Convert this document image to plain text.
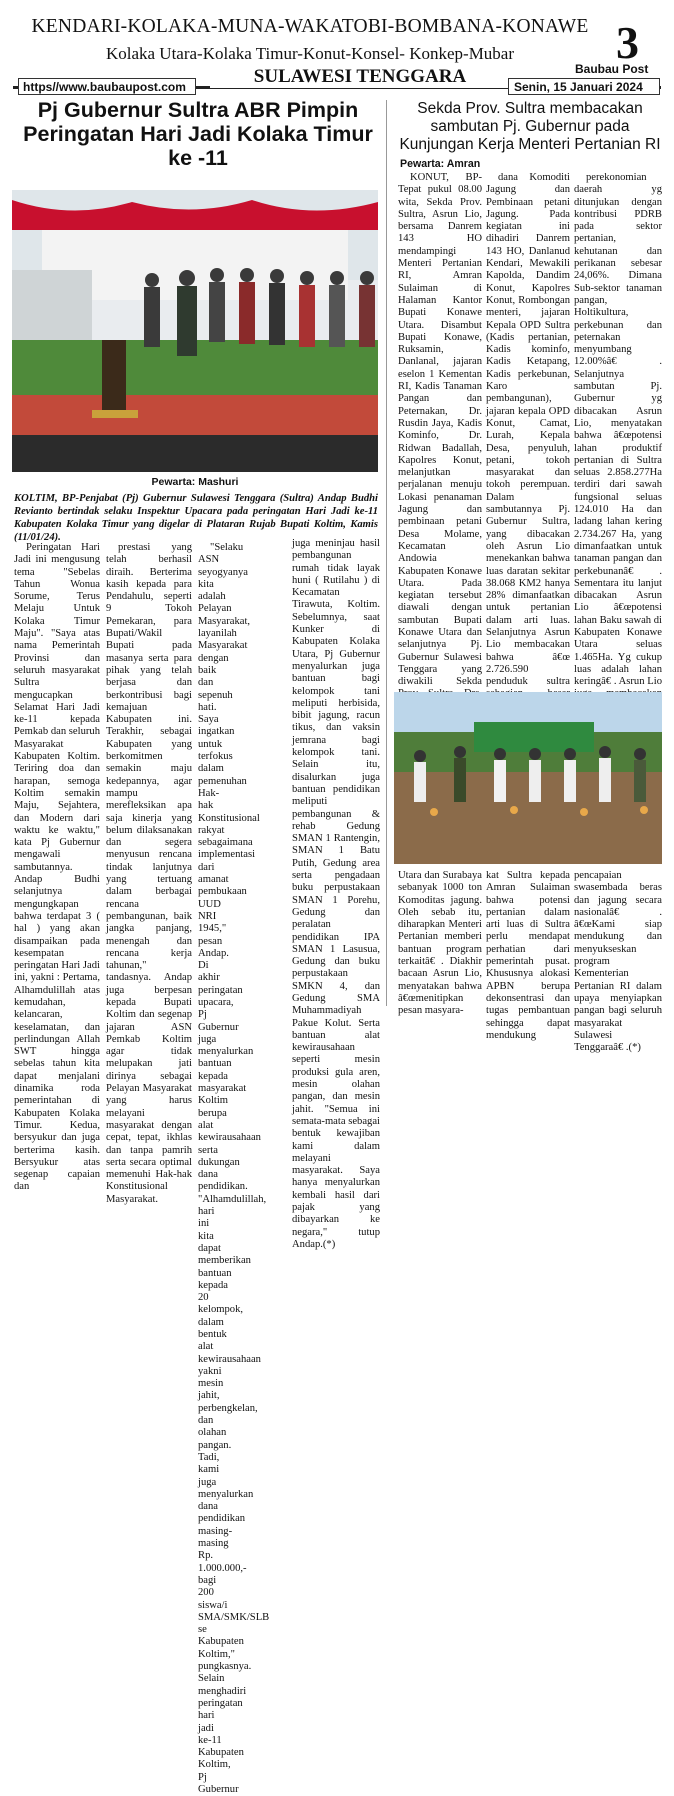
KENDARI-KOLAKA-MUNA-WAKATOBI-BOMBANA-KONAWE
Kolaka Utara-Kolaka Timur-Konut-Konsel- Konkep-Mubar	3
Baubau Post
SULAWESI TENGGARA
https//www.baubaupost.com	Senin, 15 Januari 2024
Pj Gubernur Sultra ABR Pimpin Peringatan Hari Jadi Kolaka Timur ke -11
Pewarta: Mashuri
KOLTIM, BP-Penjabat (Pj) Gubernur Sulawesi Tenggara (Sultra) Andap Budhi Revianto bertindak selaku Inspektur Upacara pada peringatan Hari Jadi ke-11 Kabupaten Kolaka Timur yang digelar di Plataran Rujab Bupati Koltim, Kamis (11/01/24).

Peringatan Hari Jadi ini mengusung tema "Sebelas Tahun Wonua Sorume, Terus Melaju Untuk Kolaka Timur Maju". "Saya atas nama Pemerintah Provinsi dan seluruh masyarakat Sultra mengucapkan Selamat Hari Jadi ke-11 kepada Pemkab dan seluruh Masyarakat Kabupaten Koltim. Teriring doa dan harapan, semoga Koltim semakin Maju, Sejahtera, dan Modern dari waktu ke waktu," kata Pj Gubernur mengawali sambutannya. Andap Budhi selanjutnya mengungkapan bahwa terdapat 3 ( hal ) yang akan disampaikan pada kesempatan peringatan Hari Jadi ini, yakni : Pertama, Alhamdulillah atas kemudahan, kelancaran, keselamatan, dan perlindungan Allah SWT hingga sebelas tahun kita dapat menjalani dinamika roda pemerintahan di Kabupaten Kolaka Timur. Kedua, bersyukur dan juga berterima kasih. Bersyukur atas segenap capaian dan

prestasi yang telah berhasil diraih. Berterima kasih kepada para Pendahulu, seperti 9 Tokoh Pemekaran, para Bupati/Wakil Bupati pada masanya serta para pihak yang telah berjasa dan berkontribusi bagi kemajuan Kabupaten ini. Terakhir, sebagai Kabupaten yang berkomitmen semakin maju kedepannya, agar mampu merefleksikan apa saja kinerja yang belum dilaksanakan dan segera menyusun rencana tindak lanjutnya yang tertuang dalam berbagai rencana pembangunan, baik jangka panjang, menengah dan rencana kerja tahunan," tandasnya. Andap juga berpesan kepada Bupati Koltim dan segenap jajaran ASN Pemkab Koltim agar tidak melupakan jati dirinya sebagai Pelayan Masyarakat yang harus melayani masyarakat dengan cepat, tepat, ikhlas dan tanpa pamrih serta secara optimal memenuhi Hak-hak Konstitusional Masyarakat.

"Selaku ASN seyogyanya kita adalah Pelayan Masyarakat, layanilah Masyarakat dengan baik dan sepenuh hati. Saya ingatkan untuk terfokus dalam pemenuhan Hak-hak Konstitusional rakyat sebagaimana implementasi dari amanat pembukaan UUD NRI 1945," pesan Andap. Di akhir peringatan upacara, Pj Gubernur juga menyalurkan bantuan kepada masyarakat Koltim berupa alat kewirausahaan serta dukungan dana pendidikan. "Alhamdulillah, hari ini kita dapat memberikan bantuan kepada 20 kelompok, dalam bentuk alat kewirausahaan yakni mesin jahit, perbengkelan, dan olahan pangan. Tadi, kami juga menyalurkan dana pendidikan masing-masing Rp. 1.000.000,- bagi 200 siswa/i SMA/SMK/SLB se Kabupaten Koltim," pungkasnya. Selain menghadiri peringatan hari jadi ke-11 Kabupaten Koltim, Pj Gubernur

Sekda Prov. Sultra membacakan sambutan Pj. Gubernur pada Kunjungan Kerja Menteri Pertanian RI
Pewarta: Amran

KONUT, BP- Tepat pukul 08.00 wita, Sekda Prov. Sultra, Asrun Lio, bersama Danrem 143 HO mendampingi Menteri Pertanian RI, Amran Sulaiman di Halaman Kantor Bupati Konawe Utara. Disambut Bupati Konawe, Ruksamin, Danlanal, jajaran eselon 1 Kementan RI, Kadis Tanaman Pangan dan Peternakan, Dr. Rusdin Jaya, Kadis Kominfo, Dr. Ridwan Badallah, Kapolres Konut, melanjutkan perjalanan menuju Lokasi penanaman Jagung dan pembinaan petani Desa Molame, Kecamatan Andowia Kabupaten Konawe Utara. Pada kegiatan tersebut diawali dengan sambutan Bupati Konawe Utara dan selanjutnya Pj. Gubernur Sulawesi Tenggara yang diwakili Sekda

dana Komoditi Jagung dan Pembinaan petani Jagung. Pada kegiatan ini dihadiri Danrem 143 HO, Danlanud Kendari, Mewakili Kapolda, Dandim Konut, Kapolres Konut, Rombongan menteri, jajaran Kepala OPD Sultra (Kadis pertanian, Kadis kominfo, Kadis Ketapang, Kadis perkebunan, Karo pembangunan), jajaran kepala OPD Konut, Camat, Lurah, Kepala Desa, penyuluh, petani, tokoh masyarakat dan tokoh perempuan. Dalam sambutannya Pj. Gubernur Sultra, yang dibacakan oleh Asrun Lio menekankan bahwa luas daratan sekitar 38.068 KM2 hanya 28% dimanfaatkan untuk pertanian dalam arti luas. Selanjutnya Asrun Lio membacakan bahwa â€œ 2.726.590 penduduk sultra

perekonomian daerah yg ditunjukan dengan kontribusi PDRB pada sektor pertanian, kehutanan dan perikanan sebesar 24,06%. Dimana Sub-sektor tanaman pangan, Holtikultura, perkebunan dan peternakan menyumbang 12.00%â€ . Selanjutnya sambutan Pj. Gubernur yg dibacakan Asrun Lio, menyatakan bahwa â€œpotensi lahan produktif pertanian di Sultra seluas 2.858.277Ha terdiri dari sawah fungsional seluas 124.010 Ha dan ladang lahan kering 2.734.267 Ha, yang dimanfaatkan untuk tanaman pangan dan perkebunanâ€ . Sementara itu lanjut dibacakan Asrun Lio â€œpotensi lahan Baku sawah di Kabupaten Konawe Utara seluas 1.465Ha. Yg cukup luas adalah lahan keringâ€ . Asrun Lio

Utara dan Surabaya sebanyak 1000 ton Komoditas jagung. Oleh sebab itu, diharapkan Menteri Pertanian memberi bantuan program terkaitâ€ . Diakhir bacaan Asrun Lio, menyatakan bahwa â€œmenitipkan pesan masyara-

kat Sultra kepada Amran Sulaiman bahwa potensi pertanian dalam arti luas di Sultra perlu mendapat perhatian dari pemerintah pusat. Khususnya alokasi APBN berupa dekonsentrasi dan tugas pembantuan sehingga dapat mendukung

pencapaian swasembada beras dan jagung secara nasionalâ€ . â€œKami siap mendukung dan menyukseskan program Kementerian Pertanian RI dalam upaya menyiapkan pangan bagi seluruh masyarakat Sulawesi Tenggaraâ€ .(*)

juga meninjau hasil pembangunan rumah tidak layak huni ( Rutilahu ) di Kecamatan Tirawuta, Koltim. Sebelumnya, saat Kunker di Kabupaten Kolaka Utara, Pj Gubernur menyalurkan juga bantuan bagi kelompok tani meliputi herbisida, bibit jagung, racun tikus, dan vaksin jemrana bagi kelompok tani. Selain itu, disalurkan juga bantuan pendidikan meliputi pembangunan & rehab Gedung SMAN 1 Rantengin, SMAN 1 Batu Putih, Gedung area serta pengadaan buku perpustakaan SMAN 1 Porehu, Gedung dan peralatan pendidikan IPA SMAN 1 Lasusua, Gedung dan buku perpustakaan SMKN 4, dan Gedung SMA Muhammadiyah Pakue Kolut. Serta bantuan alat kewirausahaan seperti mesin produksi gula aren, mesin olahan pangan, dan mesin jahit. "Semua ini semata-mata sebagai bentuk kewajiban kami dalam melayani masyarakat. Saya hanya menyalurkan kembali hasil dari pajak yang dibayarkan ke negara," tutup Andap.(*)
